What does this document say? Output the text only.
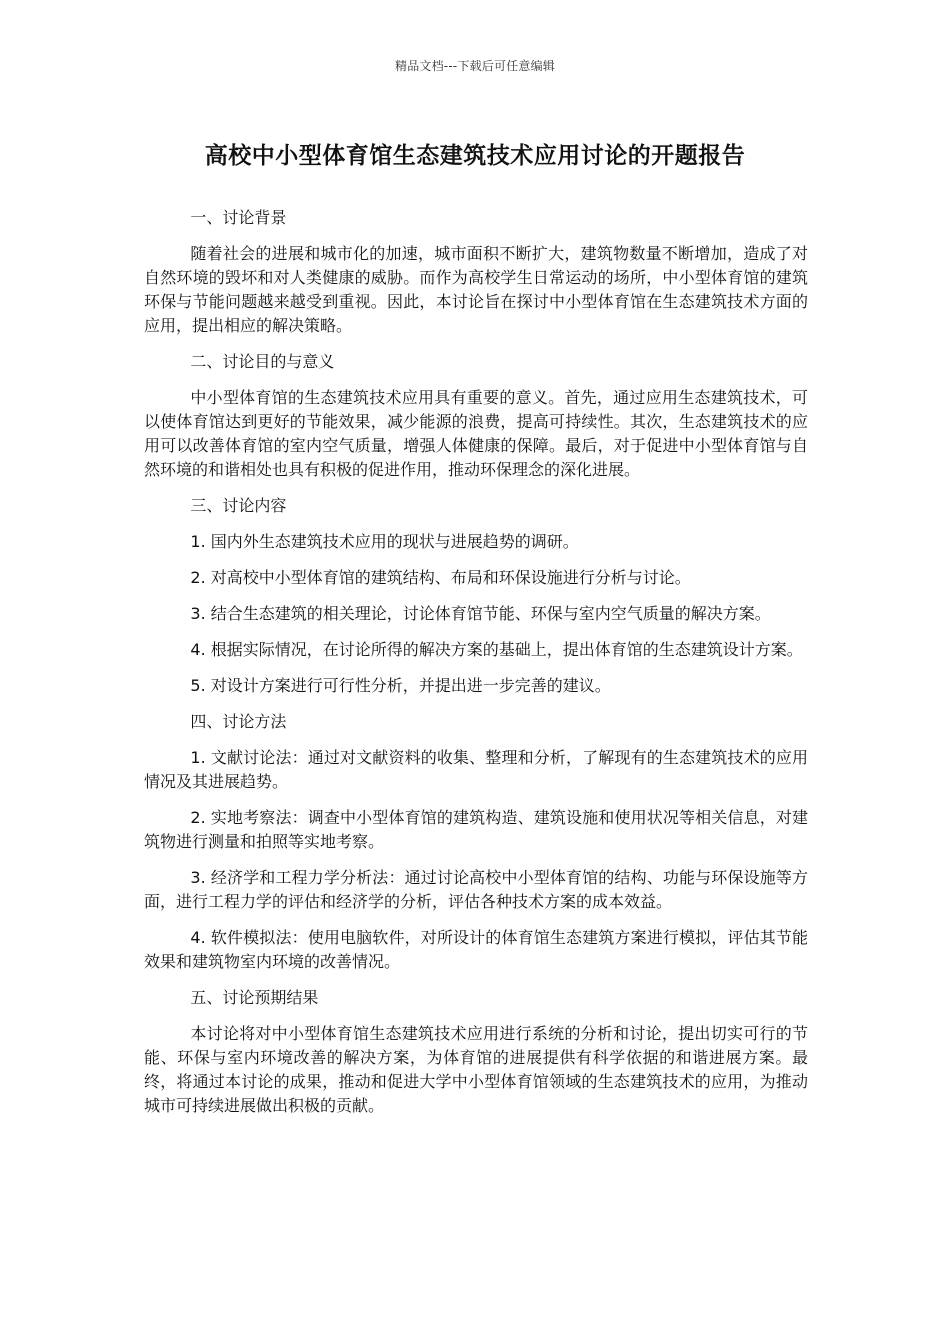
精品文档---下载后可任意编辑
高校中小型体育馆生态建筑技术应用讨论的开题报告

一、讨论背景

随着社会的进展和城市化的加速，城市面积不断扩大，建筑物数量不断增加，造成了对自然环境的毁坏和对人类健康的威胁。而作为高校学生日常运动的场所，中小型体育馆的建筑环保与节能问题越来越受到重视。因此，本讨论旨在探讨中小型体育馆在生态建筑技术方面的应用，提出相应的解决策略。

二、讨论目的与意义

中小型体育馆的生态建筑技术应用具有重要的意义。首先，通过应用生态建筑技术，可以使体育馆达到更好的节能效果，减少能源的浪费，提高可持续性。其次，生态建筑技术的应用可以改善体育馆的室内空气质量，增强人体健康的保障。最后，对于促进中小型体育馆与自然环境的和谐相处也具有积极的促进作用，推动环保理念的深化进展。

三、讨论内容

1. 国内外生态建筑技术应用的现状与进展趋势的调研。

2. 对高校中小型体育馆的建筑结构、布局和环保设施进行分析与讨论。

3. 结合生态建筑的相关理论，讨论体育馆节能、环保与室内空气质量的解决方案。

4. 根据实际情况，在讨论所得的解决方案的基础上，提出体育馆的生态建筑设计方案。

5. 对设计方案进行可行性分析，并提出进一步完善的建议。

四、讨论方法

1. 文献讨论法：通过对文献资料的收集、整理和分析，了解现有的生态建筑技术的应用情况及其进展趋势。

2. 实地考察法：调查中小型体育馆的建筑构造、建筑设施和使用状况等相关信息，对建筑物进行测量和拍照等实地考察。

3. 经济学和工程力学分析法：通过讨论高校中小型体育馆的结构、功能与环保设施等方面，进行工程力学的评估和经济学的分析，评估各种技术方案的成本效益。

4. 软件模拟法：使用电脑软件，对所设计的体育馆生态建筑方案进行模拟，评估其节能效果和建筑物室内环境的改善情况。

五、讨论预期结果

本讨论将对中小型体育馆生态建筑技术应用进行系统的分析和讨论，提出切实可行的节能、环保与室内环境改善的解决方案，为体育馆的进展提供有科学依据的和谐进展方案。最终，将通过本讨论的成果，推动和促进大学中小型体育馆领域的生态建筑技术的应用，为推动城市可持续进展做出积极的贡献。
